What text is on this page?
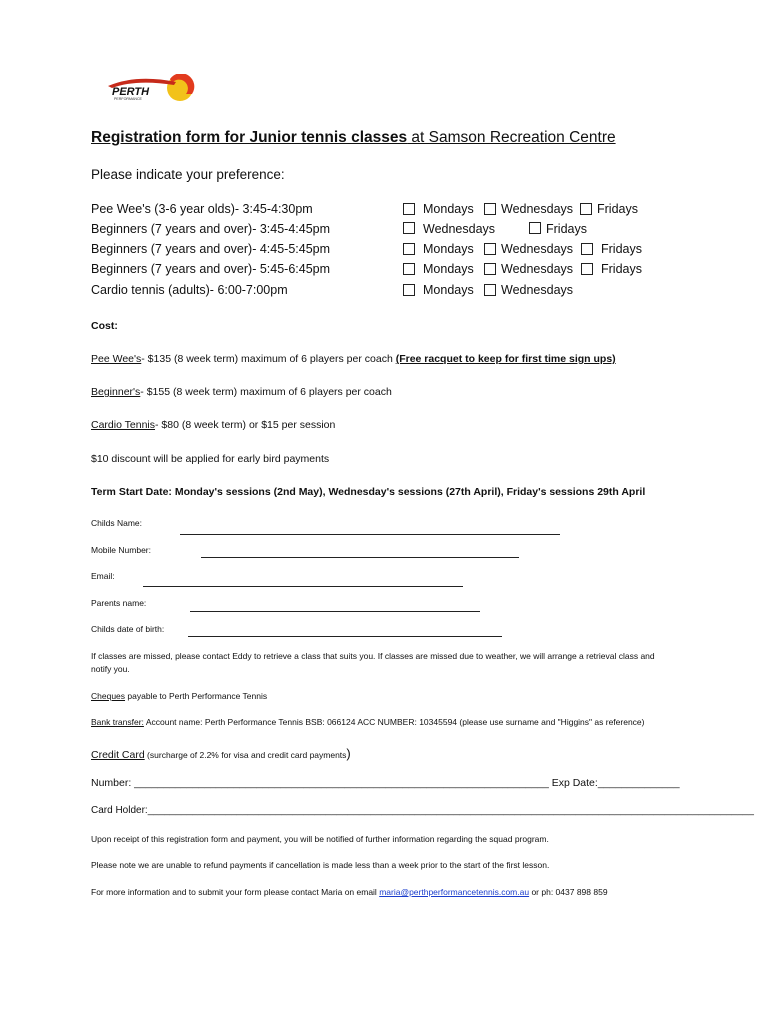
PERTH
PERFORMANCE
Registration form for Junior tennis classes at Samson Recreation Centre
Please indicate your preference:
Pee Wee's (3-6 year olds)- 3:45-4:30pm
Beginners (7 years and over)- 3:45-4:45pm
Beginners (7 years and over)- 4:45-5:45pm
Beginners (7 years and over)- 5:45-6:45pm
Cardio tennis (adults)- 6:00-7:00pm
Mondays Wednesdays Fridays
Wednesdays	Fridays
Mondays Wednesdays Fridays
Mondays Wednesdays Fridays
Mondays Wednesdays
Cost:
Pee Wee's- $135 (8 week term) maximum of 6 players per coach (Free racquet to keep for first time sign ups)
Beginner's- $155 (8 week term) maximum of 6 players per coach
Cardio Tennis- $80 (8 week term) or $15 per session
$10 discount will be applied for early bird payments
Term Start Date: Monday's sessions (2nd May), Wednesday's sessions (27th April), Friday's sessions 29th April
Childs Name:
Mobile Number:
Email:
Parents name:
Childs date of birth:
If classes are missed, please contact Eddy to retrieve a class that suits you. If classes are missed due to weather, we will arrange a retrieval class and
notify you.
Cheques payable to Perth Performance Tennis
Bank transfer: Account name: Perth Performance Tennis BSB: 066124 ACC NUMBER: 10345594 (please use surname and "Higgins" as reference)
Credit Card (surcharge of 2.2% for visa and credit card payments)
Number: _______________________________________________________________________ Exp Date:______________
Card Holder:_____________________________________________________________________________________________________________
Upon receipt of this registration form and payment, you will be notified of further information regarding the squad program.
Please note we are unable to refund payments if cancellation is made less than a week prior to the start of the first lesson.
For more information and to submit your form please contact Maria on email maria@perthperformancetennis.com.au or ph: 0437 898 859
